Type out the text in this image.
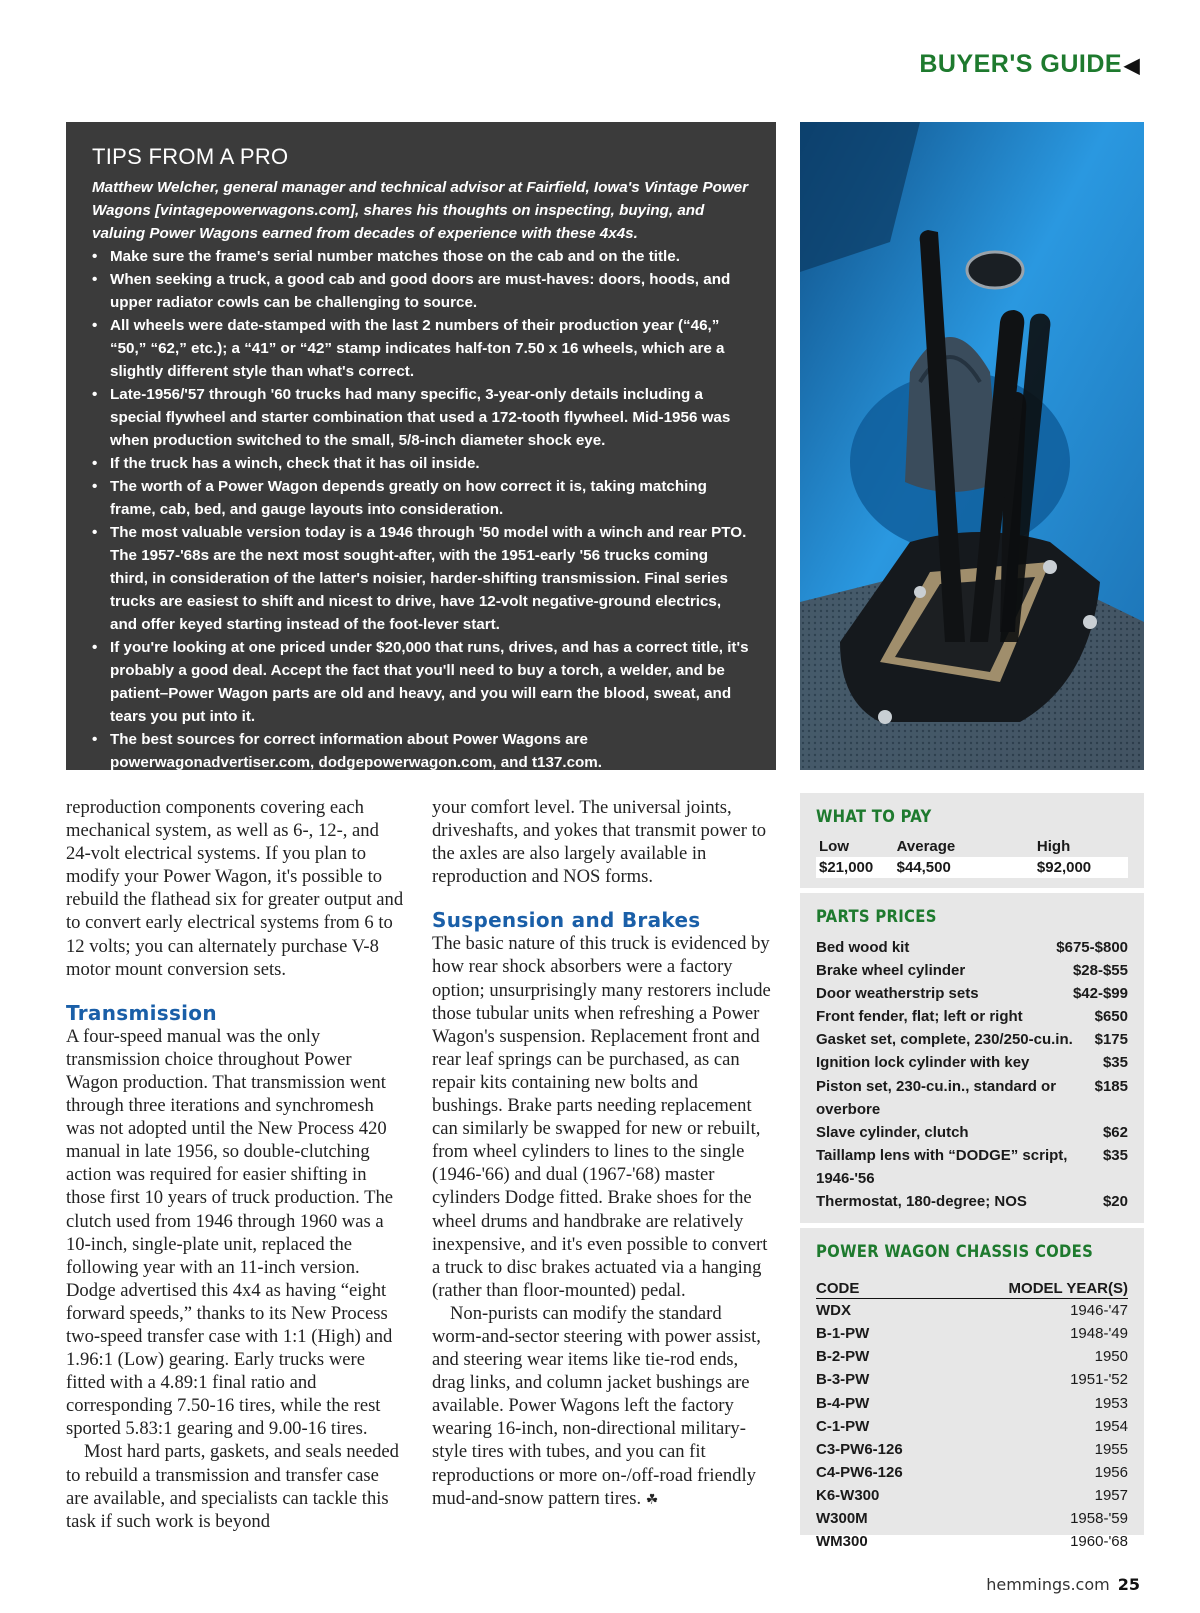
BUYER'S GUIDE ◀
TIPS FROM A PRO

Matthew Welcher, general manager and technical advisor at Fairfield, Iowa's Vintage Power Wagons [vintagepowerwagons.com], shares his thoughts on inspecting, buying, and valuing Power Wagons earned from decades of experience with these 4x4s.

• Make sure the frame's serial number matches those on the cab and on the title.
• When seeking a truck, a good cab and good doors are must-haves: doors, hoods, and upper radiator cowls can be challenging to source.
• All wheels were date-stamped with the last 2 numbers of their production year (“46,” “50,” “62,” etc.); a “41” or “42” stamp indicates half-ton 7.50 x 16 wheels, which are a slightly different style than what's correct.
• Late-1956/'57 through '60 trucks had many specific, 3-year-only details including a special flywheel and starter combination that used a 172-tooth flywheel. Mid-1956 was when production switched to the small, 5/8-inch diameter shock eye.
• If the truck has a winch, check that it has oil inside.
• The worth of a Power Wagon depends greatly on how correct it is, taking matching frame, cab, bed, and gauge layouts into consideration.
• The most valuable version today is a 1946 through '50 model with a winch and rear PTO. The 1957-'68s are the next most sought-after, with the 1951-early '56 trucks coming third, in consideration of the latter's noisier, harder-shifting transmission. Final series trucks are easiest to shift and nicest to drive, have 12-volt negative-ground electrics, and offer keyed starting instead of the foot-lever start.
• If you're looking at one priced under $20,000 that runs, drives, and has a correct title, it's probably a good deal. Accept the fact that you'll need to buy a torch, a welder, and be patient–Power Wagon parts are old and heavy, and you will earn the blood, sweat, and tears you put into it.
• The best sources for correct information about Power Wagons are powerwagonadvertiser.com, dodgepowerwagon.com, and t137.com.

reproduction components covering each mechanical system, as well as 6-, 12-, and 24-volt electrical systems. If you plan to modify your Power Wagon, it's possible to rebuild the flathead six for greater output and to convert early electrical systems from 6 to 12 volts; you can alternately purchase V-8 motor mount conversion sets.

Transmission

A four-speed manual was the only transmission choice throughout Power Wagon production. That transmission went through three iterations and synchromesh was not adopted until the New Process 420 manual in late 1956, so double-clutching action was required for easier shifting in those first 10 years of truck production. The clutch used from 1946 through 1960 was a 10-inch, single-plate unit, replaced the following year with an 11-inch version. Dodge advertised this 4x4 as having “eight forward speeds,” thanks to its New Process two-speed transfer case with 1:1 (High) and 1.96:1 (Low) gearing. Early trucks were fitted with a 4.89:1 final ratio and corresponding 7.50-16 tires, while the rest sported 5.83:1 gearing and 9.00-16 tires.

Most hard parts, gaskets, and seals needed to rebuild a transmission and transfer case are available, and specialists can tackle this task if such work is beyond

your comfort level. The universal joints, driveshafts, and yokes that transmit power to the axles are also largely available in reproduction and NOS forms.

Suspension and Brakes

The basic nature of this truck is evidenced by how rear shock absorbers were a factory option; unsurprisingly many restorers include those tubular units when refreshing a Power Wagon's suspension. Replacement front and rear leaf springs can be purchased, as can repair kits containing new bolts and bushings. Brake parts needing replacement can similarly be swapped for new or rebuilt, from wheel cylinders to lines to the single (1946-'66) and dual (1967-'68) master cylinders Dodge fitted. Brake shoes for the wheel drums and handbrake are relatively inexpensive, and it's even possible to convert a truck to disc brakes actuated via a hanging (rather than floor-mounted) pedal.

Non-purists can modify the standard worm-and-sector steering with power assist, and steering wear items like tie-rod ends, drag links, and column jacket bushings are available. Power Wagons left the factory wearing 16-inch, non-directional military-style tires with tubes, and you can fit reproductions or more on-/off-road friendly mud-and-snow pattern tires. ☘

WHAT TO PAY
Low	Average	High
$21,000	$44,500	$92,000
PARTS PRICES
Bed wood kit	$675-$800
Brake wheel cylinder	$28-$55
Door weatherstrip sets	$42-$99
Front fender, flat; left or right	$650
Gasket set, complete, 230/250-cu.in. $175
Ignition lock cylinder with key	$35
Piston set, 230-cu.in., standard or overbore
$185
Slave cylinder, clutch	$62
Taillamp lens with “DODGE” script, 1946-'56
$35
Thermostat, 180-degree; NOS	$20
POWER WAGON CHASSIS CODES
CODE	MODEL YEAR(S)
WDX	1946-'47
B-1-PW	1948-'49
B-2-PW	1950
B-3-PW	1951-'52
B-4-PW	1953
C-1-PW	1954
C3-PW6-126	1955
C4-PW6-126	1956
K6-W300	1957
W300M	1958-'59
WM300	1960-'68
hemmings.com 25
